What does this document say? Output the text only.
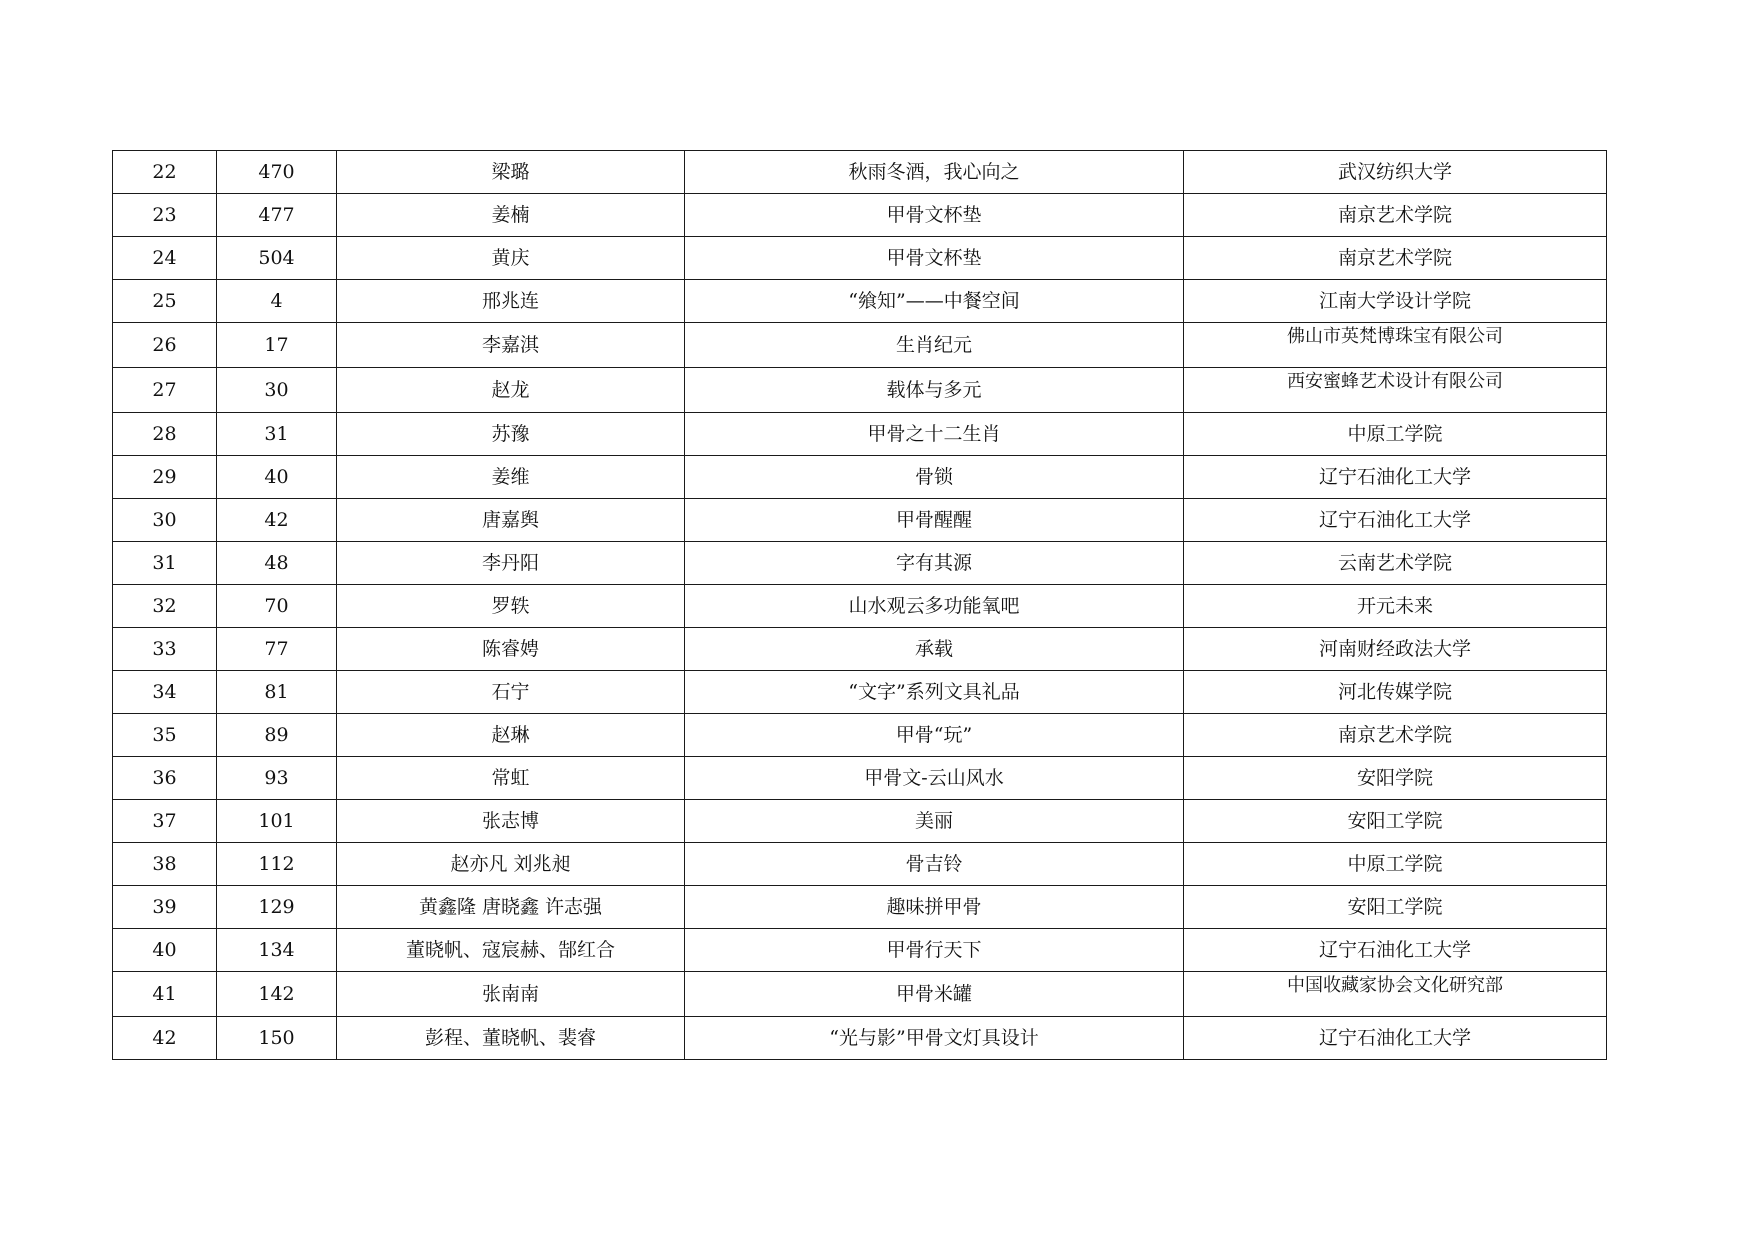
22	470	梁璐	秋雨冬酒，我心向之	武汉纺织大学
23	477	姜楠	甲骨文杯垫	南京艺术学院
24	504	黄庆	甲骨文杯垫	南京艺术学院
25	4	邢兆连	“飨知”——中餐空间	江南大学设计学院
26	17	李嘉淇	生肖纪元	佛山市英梵博珠宝有限公司

27	30	赵龙	载体与多元	西安蜜蜂艺术设计有限公司

28	31	苏豫	甲骨之十二生肖	中原工学院
29	40	姜维	骨锁	辽宁石油化工大学
30	42	唐嘉舆	甲骨醒醒	辽宁石油化工大学
31	48	李丹阳	字有其源	云南艺术学院
32	70	罗轶	山水观云多功能氧吧	开元未来
33	77	陈睿娉	承载	河南财经政法大学
34	81	石宁	“文字”系列文具礼品	河北传媒学院
35	89	赵琳	甲骨“玩”	南京艺术学院
36	93	常虹	甲骨文-云山风水	安阳学院
37	101	张志博	美丽	安阳工学院
38	112	赵亦凡 刘兆昶	骨吉铃	中原工学院
39	129	黄鑫隆 唐晓鑫 许志强	趣味拼甲骨	安阳工学院
40	134	董晓帆、寇宸赫、郜红合	甲骨行天下	辽宁石油化工大学
41	142	张南南	甲骨米罐	中国收藏家协会文化研究部

42	150	彭程、董晓帆、裴睿	“光与影”甲骨文灯具设计	辽宁石油化工大学
